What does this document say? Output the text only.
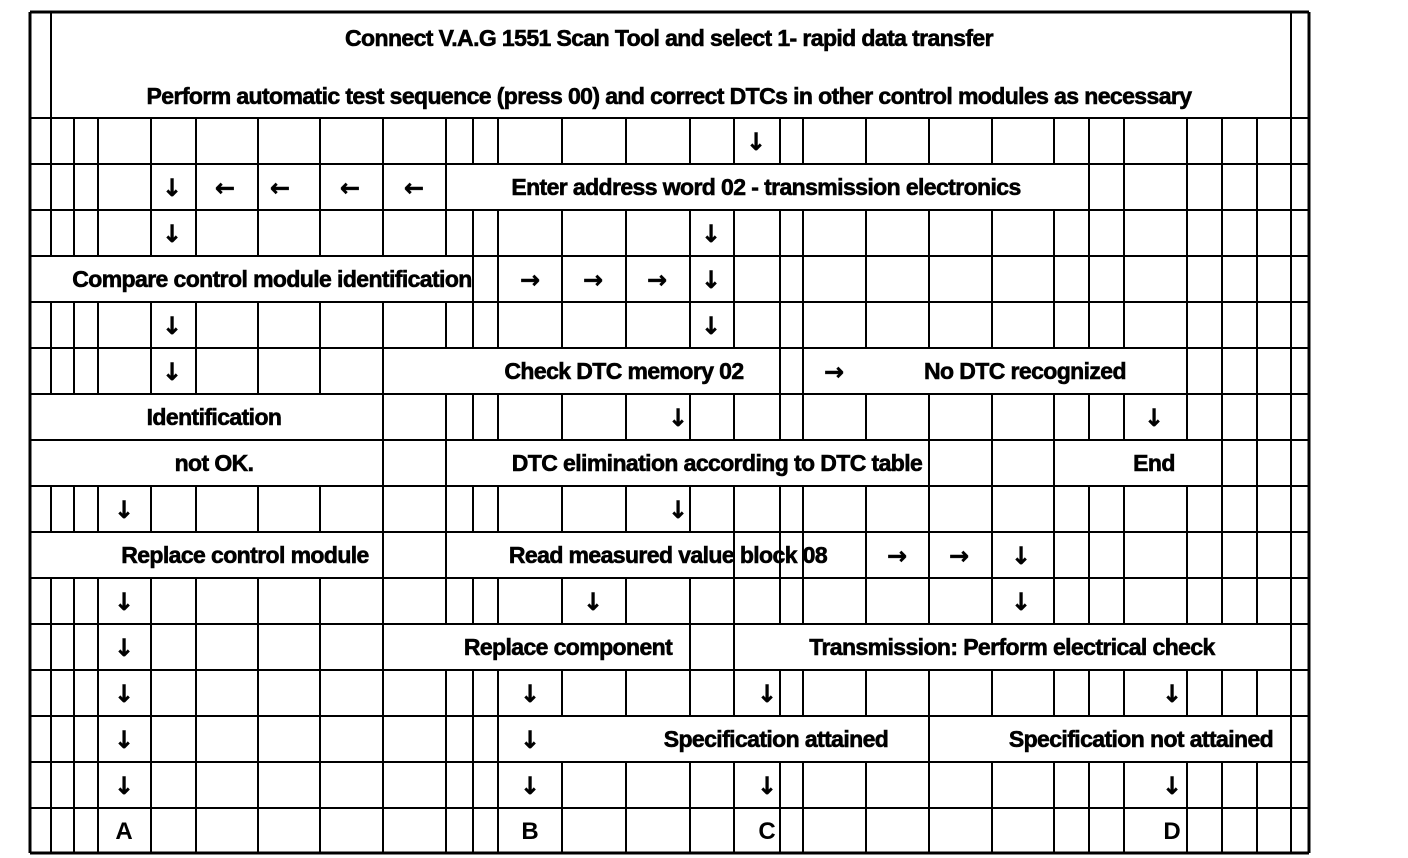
Connect V.A.G 1551 Scan Tool and select 1- rapid data transfer
Perform automatic test sequence (press 00) and correct DTCs in other control modules as necessary
↓
↓ ← ← ← ←	Enter address word 02 - transmission electronics
↓	↓
Compare control module identification → → → ↓
↓	↓
↓	Check DTC memory 02	→	No DTC recognized
Identification	↓	↓
not OK.	DTC elimination according to DTC table	End
↓	↓
Replace control module	Read measured value block 08 → → ↓
↓	↓	↓
↓	Replace component	Transmission: Perform electrical check
↓	↓	↓	↓
↓	↓	Specification attained	Specification not attained
↓	↓	↓	↓
A	B	C	D
